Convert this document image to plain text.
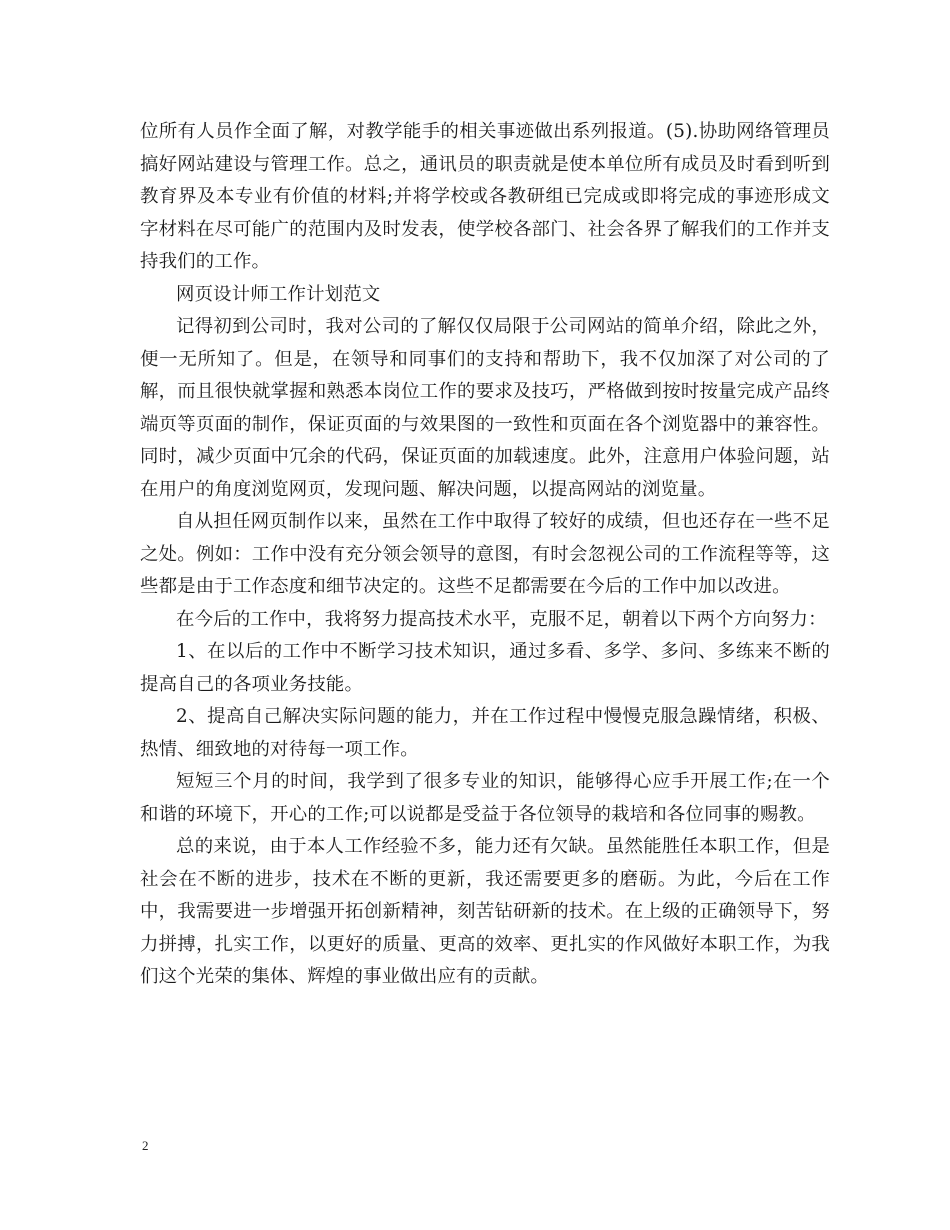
位所有人员作全面了解，对教学能手的相关事迹做出系列报道。(5).协助网络管理员搞好网站建设与管理工作。总之，通讯员的职责就是使本单位所有成员及时看到听到教育界及本专业有价值的材料;并将学校或各教研组已完成或即将完成的事迹形成文字材料在尽可能广的范围内及时发表，使学校各部门、社会各界了解我们的工作并支持我们的工作。

网页设计师工作计划范文

记得初到公司时，我对公司的了解仅仅局限于公司网站的简单介绍，除此之外，便一无所知了。但是，在领导和同事们的支持和帮助下，我不仅加深了对公司的了解，而且很快就掌握和熟悉本岗位工作的要求及技巧，严格做到按时按量完成产品终端页等页面的制作，保证页面的与效果图的一致性和页面在各个浏览器中的兼容性。同时，减少页面中冗余的代码，保证页面的加载速度。此外，注意用户体验问题，站在用户的角度浏览网页，发现问题、解决问题，以提高网站的浏览量。

自从担任网页制作以来，虽然在工作中取得了较好的成绩，但也还存在一些不足之处。例如：工作中没有充分领会领导的意图，有时会忽视公司的工作流程等等，这些都是由于工作态度和细节决定的。这些不足都需要在今后的工作中加以改进。

在今后的工作中，我将努力提高技术水平，克服不足，朝着以下两个方向努力：

1、在以后的工作中不断学习技术知识，通过多看、多学、多问、多练来不断的提高自己的各项业务技能。

2、提高自己解决实际问题的能力，并在工作过程中慢慢克服急躁情绪，积极、热情、细致地的对待每一项工作。

短短三个月的时间，我学到了很多专业的知识，能够得心应手开展工作;在一个和谐的环境下，开心的工作;可以说都是受益于各位领导的栽培和各位同事的赐教。

总的来说，由于本人工作经验不多，能力还有欠缺。虽然能胜任本职工作，但是社会在不断的进步，技术在不断的更新，我还需要更多的磨砺。为此，今后在工作中，我需要进一步增强开拓创新精神，刻苦钻研新的技术。在上级的正确领导下，努力拼搏，扎实工作，以更好的质量、更高的效率、更扎实的作风做好本职工作，为我们这个光荣的集体、辉煌的事业做出应有的贡献。

2
